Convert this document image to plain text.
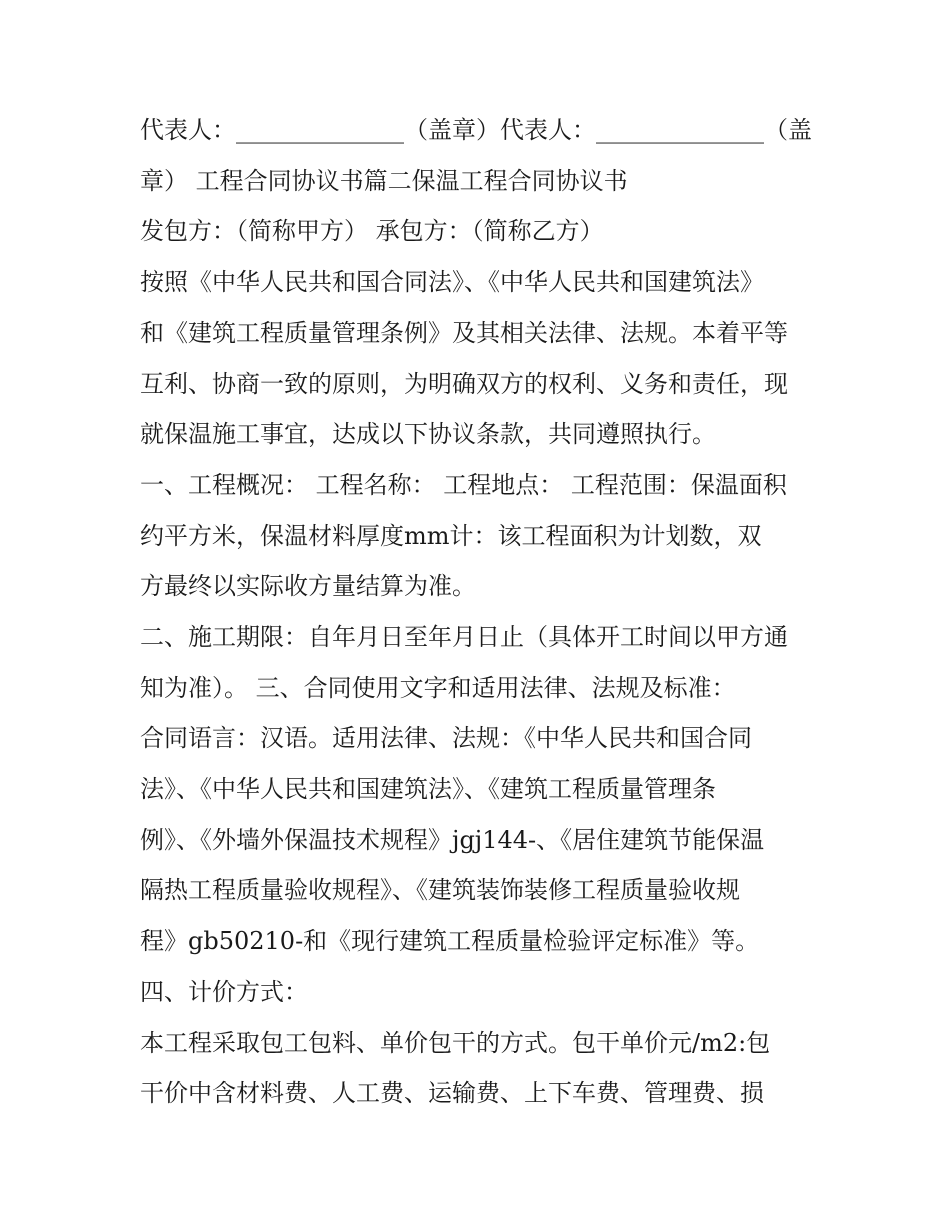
代表人：______________（盖章）代表人：______________（盖
章） 工程合同协议书篇二保温工程合同协议书
发包方：（简称甲方） 承包方：（简称乙方）
按照《中华人民共和国合同法》、《中华人民共和国建筑法》
和《建筑工程质量管理条例》及其相关法律、法规。本着平等
互利、协商一致的原则，为明确双方的权利、义务和责任，现
就保温施工事宜，达成以下协议条款，共同遵照执行。
一、工程概况： 工程名称： 工程地点： 工程范围：保温面积
约平方米，保温材料厚度mm计：该工程面积为计划数，双
方最终以实际收方量结算为准。
二、施工期限：自年月日至年月日止（具体开工时间以甲方通
知为准）。 三、合同使用文字和适用法律、法规及标准：
合同语言：汉语。适用法律、法规：《中华人民共和国合同
法》、《中华人民共和国建筑法》、《建筑工程质量管理条
例》、《外墙外保温技术规程》jgj144-、《居住建筑节能保温
隔热工程质量验收规程》、《建筑装饰装修工程质量验收规
程》gb50210-和《现行建筑工程质量检验评定标准》等。
四、计价方式：
本工程采取包工包料、单价包干的方式。包干单价元/m2:包
干价中含材料费、人工费、运输费、上下车费、管理费、损
